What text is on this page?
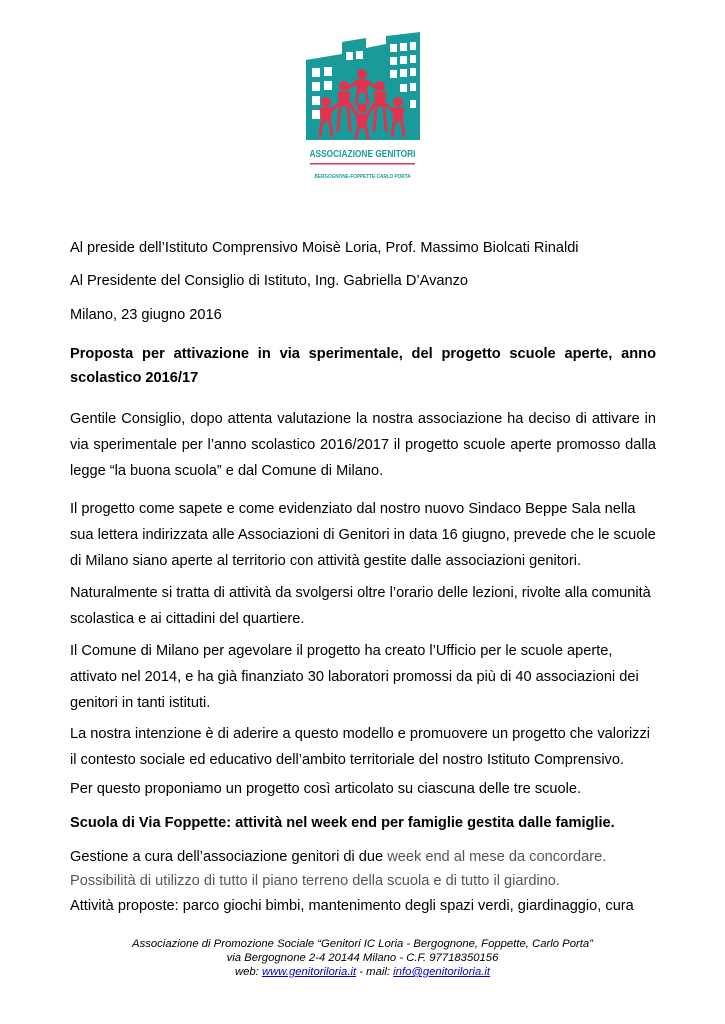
ASSOCIAZIONE GENITORI
BERGOGNONE-FOPPETTE-CARLO PORTA

Al preside dell’Istituto Comprensivo Moisè Loria, Prof. Massimo Biolcati Rinaldi

Al Presidente del Consiglio di Istituto, Ing. Gabriella D’Avanzo

Milano, 23 giugno 2016

Proposta per attivazione in via sperimentale, del progetto scuole aperte, anno scolastico 2016/17

Gentile Consiglio, dopo attenta valutazione la nostra associazione ha deciso di attivare in via sperimentale per l’anno scolastico 2016/2017 il progetto scuole aperte promosso dalla legge “la buona scuola” e dal Comune di Milano.

Il progetto come sapete e come evidenziato dal nostro nuovo Sindaco Beppe Sala nella sua lettera indirizzata alle Associazioni di Genitori in data 16 giugno, prevede che le scuole di Milano siano aperte al territorio con attività gestite dalle associazioni genitori.

Naturalmente si tratta di attività da svolgersi oltre l’orario delle lezioni, rivolte alla comunità scolastica e ai cittadini del quartiere.

Il Comune di Milano per agevolare il progetto ha creato l’Ufficio per le scuole aperte, attivato nel 2014, e ha già finanziato 30 laboratori promossi da più di 40 associazioni dei genitori in tanti istituti.

La nostra intenzione è di aderire a questo modello e promuovere un progetto che valorizzi il contesto sociale ed educativo dell’ambito territoriale del nostro Istituto Comprensivo.

Per questo proponiamo un progetto così articolato su ciascuna delle tre scuole.

Scuola di Via Foppette: attività nel week end per famiglie gestita dalle famiglie.

Gestione a cura dell’associazione genitori di due week end al mese da concordare.

Possibilità di utilizzo di tutto il piano terreno della scuola e di tutto il giardino.

Attività proposte: parco giochi bimbi, mantenimento degli spazi verdi, giardinaggio, cura

Associazione di Promozione Sociale “Genitori IC Loria - Bergognone, Foppette, Carlo Porta”
via Bergognone 2-4 20144 Milano - C.F. 97718350156
web: www.genitoriloria.it - mail: info@genitoriloria.it
